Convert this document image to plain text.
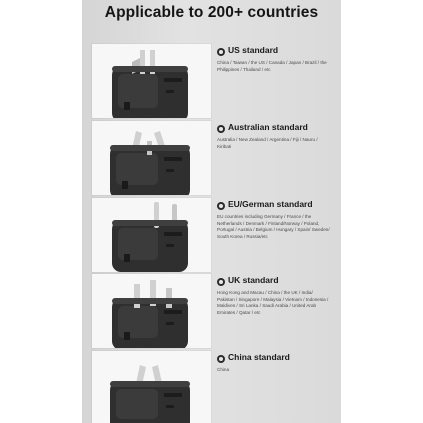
Applicable to 200+ countries
US standard
China / Taiwan / the US / Canada / Japan / Brazil / the Philippines / Thailand / etc
Australian standard
Australia / New Zealand / Argentina / Fiji / Nauru / Kiribati
EU/German standard
EU countries including Germany / France / the Netherlands / Denmark / Finland/Norway / Poland, Portugal / Austria / Belgium / Hungary / Spain/ Sweden/ South Korea / Russia/etc
UK standard
Hong Kong and Macau / China / the UK / India/ Pakistan / Singapore / Malaysia / Vietnam / Indonesia / Maldives / Sri Lanka / Saudi Arabia / United Arab Emirates / Qatar / etc
China standard
China
